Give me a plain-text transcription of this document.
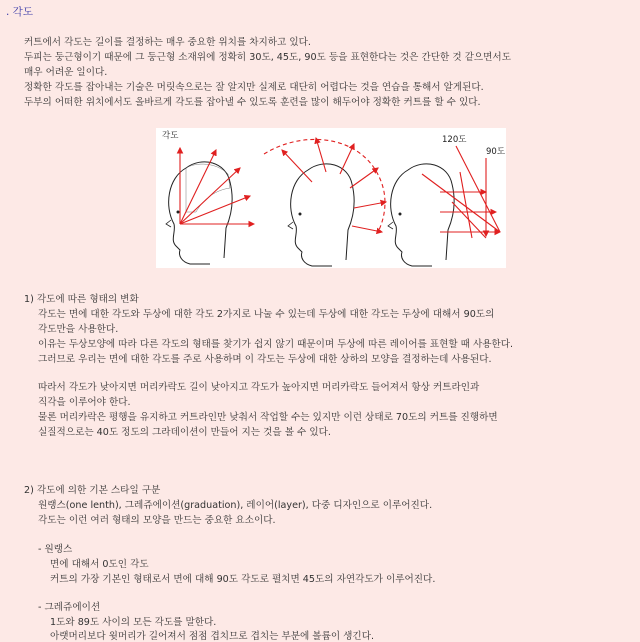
. 각도
커트에서 각도는 길이를 결정하는 매우 중요한 위치를 차지하고 있다.
두피는 둥근형이기 때문에 그 둥근형 소재위에 정확히 30도, 45도, 90도 등을 표현한다는 것은 간단한 것 같으면서도
매우 어려운 일이다.
정확한 각도를 잡아내는 기술은 머릿속으로는 잘 알지만 실제로 대단히 어렵다는 것을 연습을 통해서 알게된다.
두부의 어떠한 위치에서도 올바르게 각도를 잡아낼 수 있도록 훈련을 많이 해두어야 정확한 커트를 할 수 있다.
각도	120도
90도
1) 각도에 따른 형태의 변화
각도는 면에 대한 각도와 두상에 대한 각도 2가지로 나눌 수 있는데 두상에 대한 각도는 두상에 대해서 90도의
각도만을 사용한다.
이유는 두상모양에 따라 다른 각도의 형태를 찾기가 쉽지 않기 때문이며 두상에 따른 레이어를 표현할 때 사용한다.
그러므로 우리는 면에 대한 각도를 주로 사용하며 이 각도는 두상에 대한 상하의 모양을 결정하는데 사용된다.
따라서 각도가 낮아지면 머리카락도 길이 낮아지고 각도가 높아지면 머리카락도 들어져서 항상 커트라인과
직각을 이루어야 한다.
물론 머리카락은 평행을 유지하고 커트라인만 낮춰서 작업할 수는 있지만 이런 상태로 70도의 커트를 진행하면
실질적으로는 40도 정도의 그라데이션이 만들어 지는 것을 볼 수 있다.
2) 각도에 의한 기본 스타일 구분
원랭스(one lenth), 그레쥬에이션(graduation), 레이어(layer), 다중 디자인으로 이루어진다.
각도는 이런 여러 형태의 모양을 만드는 중요한 요소이다.
- 원랭스
면에 대해서 0도인 각도
커트의 가장 기본인 형태로서 면에 대해 90도 각도로 펼치면 45도의 자연각도가 이루어진다.
- 그레쥬에이션
1도와 89도 사이의 모든 각도를 말한다.
아랫머리보다 윗머리가 길어져서 점점 겹치므로 겹치는 부분에 볼륨이 생긴다.
